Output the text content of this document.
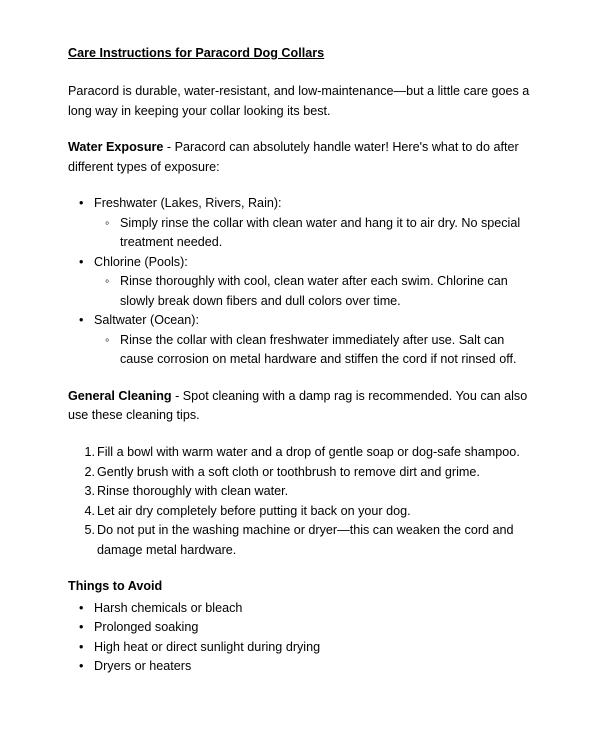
Care Instructions for Paracord Dog Collars

Paracord is durable, water-resistant, and low-maintenance—but a little care goes a long way in keeping your collar looking its best.

Water Exposure - Paracord can absolutely handle water! Here's what to do after different types of exposure:

• Freshwater (Lakes, Rivers, Rain):
◦ Simply rinse the collar with clean water and hang it to air dry. No special treatment needed.
• Chlorine (Pools):
◦ Rinse thoroughly with cool, clean water after each swim. Chlorine can slowly break down fibers and dull colors over time.
• Saltwater (Ocean):
◦ Rinse the collar with clean freshwater immediately after use. Salt can cause corrosion on metal hardware and stiffen the cord if not rinsed off.

General Cleaning - Spot cleaning with a damp rag is recommended. You can also use these cleaning tips.

Fill a bowl with warm water and a drop of gentle soap or dog-safe shampoo.
Gently brush with a soft cloth or toothbrush to remove dirt and grime.
Rinse thoroughly with clean water.
Let air dry completely before putting it back on your dog.
Do not put in the washing machine or dryer—this can weaken the cord and damage metal hardware.
Things to Avoid
• Harsh chemicals or bleach
• Prolonged soaking
• High heat or direct sunlight during drying
• Dryers or heaters
